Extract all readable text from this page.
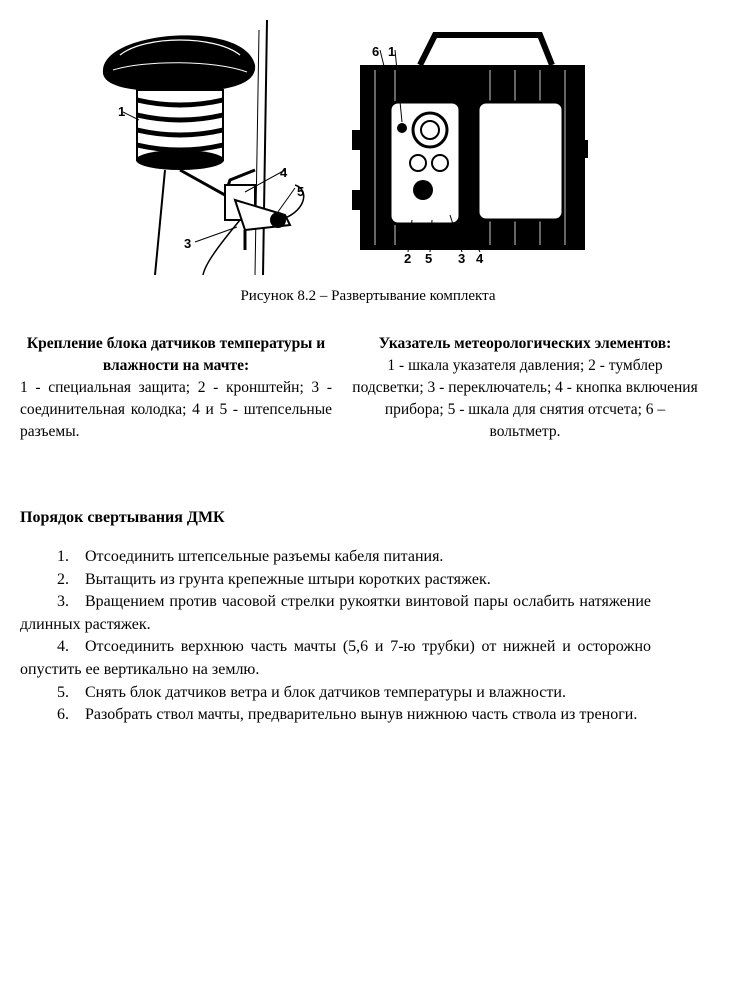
1
2
3
4
5
6 1
2 5 3 4
Рисунок 8.2 – Развертывание комплекта
Крепление блока датчиков температуры и влажности на мачте:
1 - специальная защита; 2 - кронштейн; 3 - соединительная колодка; 4 и 5 - штепсельные разъемы.
Указатель метеорологических элементов:
1 - шкала указателя давления; 2 - тумблер подсветки; 3 - переключатель; 4 - кнопка включения прибора; 5 - шкала для снятия отсчета; 6 – вольтметр.
Порядок свертывания ДМК
1. Отсоединить штепсельные разъемы кабеля питания.
2. Вытащить из грунта крепежные штыри коротких растяжек.
3. Вращением против часовой стрелки рукоятки винтовой пары ослабить натяжение длинных растяжек.
4. Отсоединить верхнюю часть мачты (5,6 и 7-ю трубки) от нижней и осторожно опустить ее вертикально на землю.
5. Снять блок датчиков ветра и блок датчиков температуры и влажности.
6. Разобрать ствол мачты, предварительно вынув нижнюю часть ствола из треноги.
